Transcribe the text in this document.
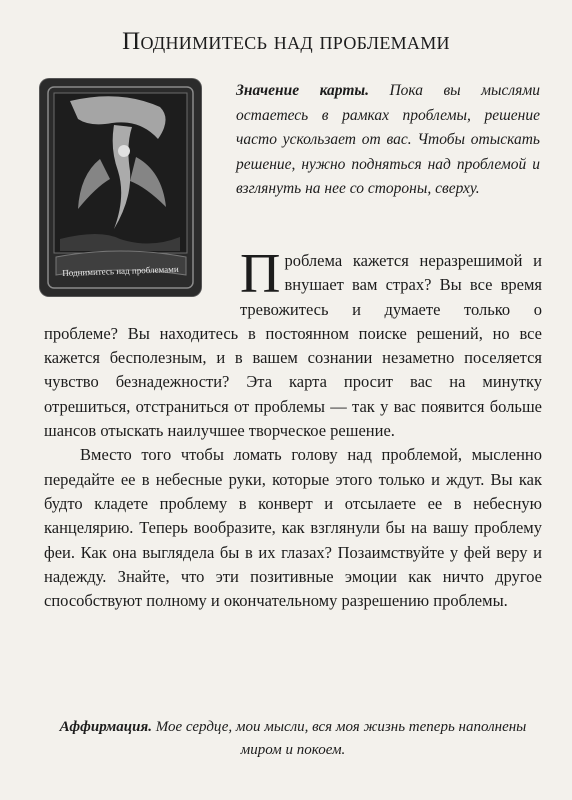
Поднимитесь над проблемами
Поднимитесь над проблемами
Значение карты. Пока вы мыслями остаетесь в рамках проблемы, решение часто ускользает от вас. Чтобы отыскать решение, нужно подняться над проблемой и взглянуть на нее со стороны, сверху.

Проблема кажется неразрешимой и внушает вам страх? Вы все время тревожитесь и думаете только о проблеме? Вы находитесь в постоянном поиске решений, но все кажется бесполезным, и в вашем сознании незаметно поселяется чувство безнадежности? Эта карта просит вас на минутку отрешиться, отстраниться от проблемы — так у вас появится больше шансов отыскать наилучшее творческое решение.

Вместо того чтобы ломать голову над проблемой, мысленно передайте ее в небесные руки, которые этого только и ждут. Вы как будто кладете проблему в конверт и отсылаете ее в небесную канцелярию. Теперь вообразите, как взглянули бы на вашу проблему феи. Как она выглядела бы в их глазах? Позаимствуйте у фей веру и надежду. Знайте, что эти позитивные эмоции как ничто другое способствуют полному и окончательному разрешению проблемы.

Аффирмация. Мое сердце, мои мысли, вся моя жизнь теперь наполнены миром и покоем.
